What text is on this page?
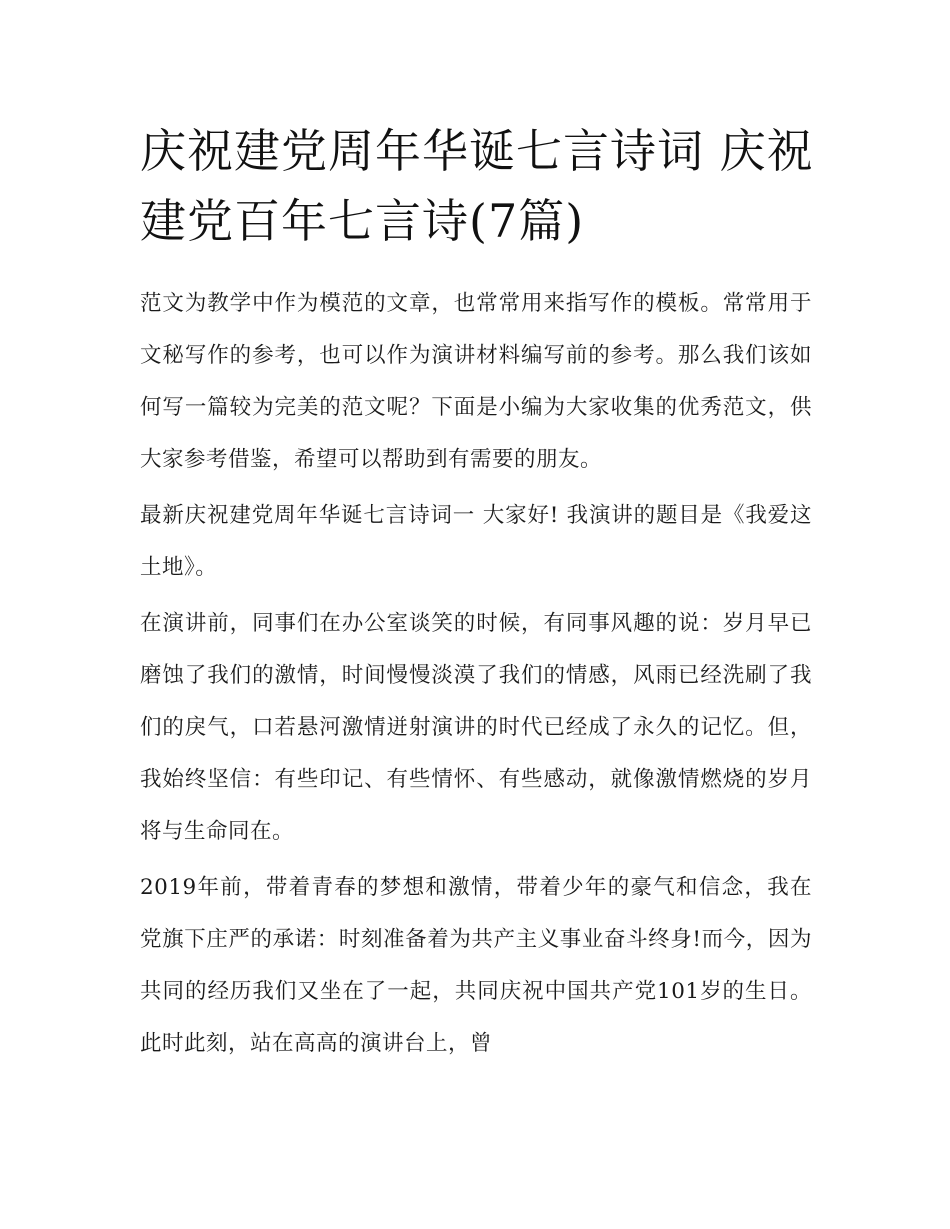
庆祝建党周年华诞七言诗词 庆祝建党百年七言诗(7篇)

范文为教学中作为模范的文章，也常常用来指写作的模板。常常用于文秘写作的参考，也可以作为演讲材料编写前的参考。那么我们该如何写一篇较为完美的范文呢？下面是小编为大家收集的优秀范文，供大家参考借鉴，希望可以帮助到有需要的朋友。

最新庆祝建党周年华诞七言诗词一 大家好! 我演讲的题目是《我爱这土地》。

在演讲前，同事们在办公室谈笑的时候，有同事风趣的说：岁月早已磨蚀了我们的激情，时间慢慢淡漠了我们的情感，风雨已经洗刷了我们的戾气，口若悬河激情迸射演讲的时代已经成了永久的记忆。但，我始终坚信：有些印记、有些情怀、有些感动，就像激情燃烧的岁月将与生命同在。

2019年前，带着青春的梦想和激情，带着少年的豪气和信念，我在党旗下庄严的承诺：时刻准备着为共产主义事业奋斗终身!而今，因为共同的经历我们又坐在了一起，共同庆祝中国共产党101岁的生日。此时此刻，站在高高的演讲台上，曾
